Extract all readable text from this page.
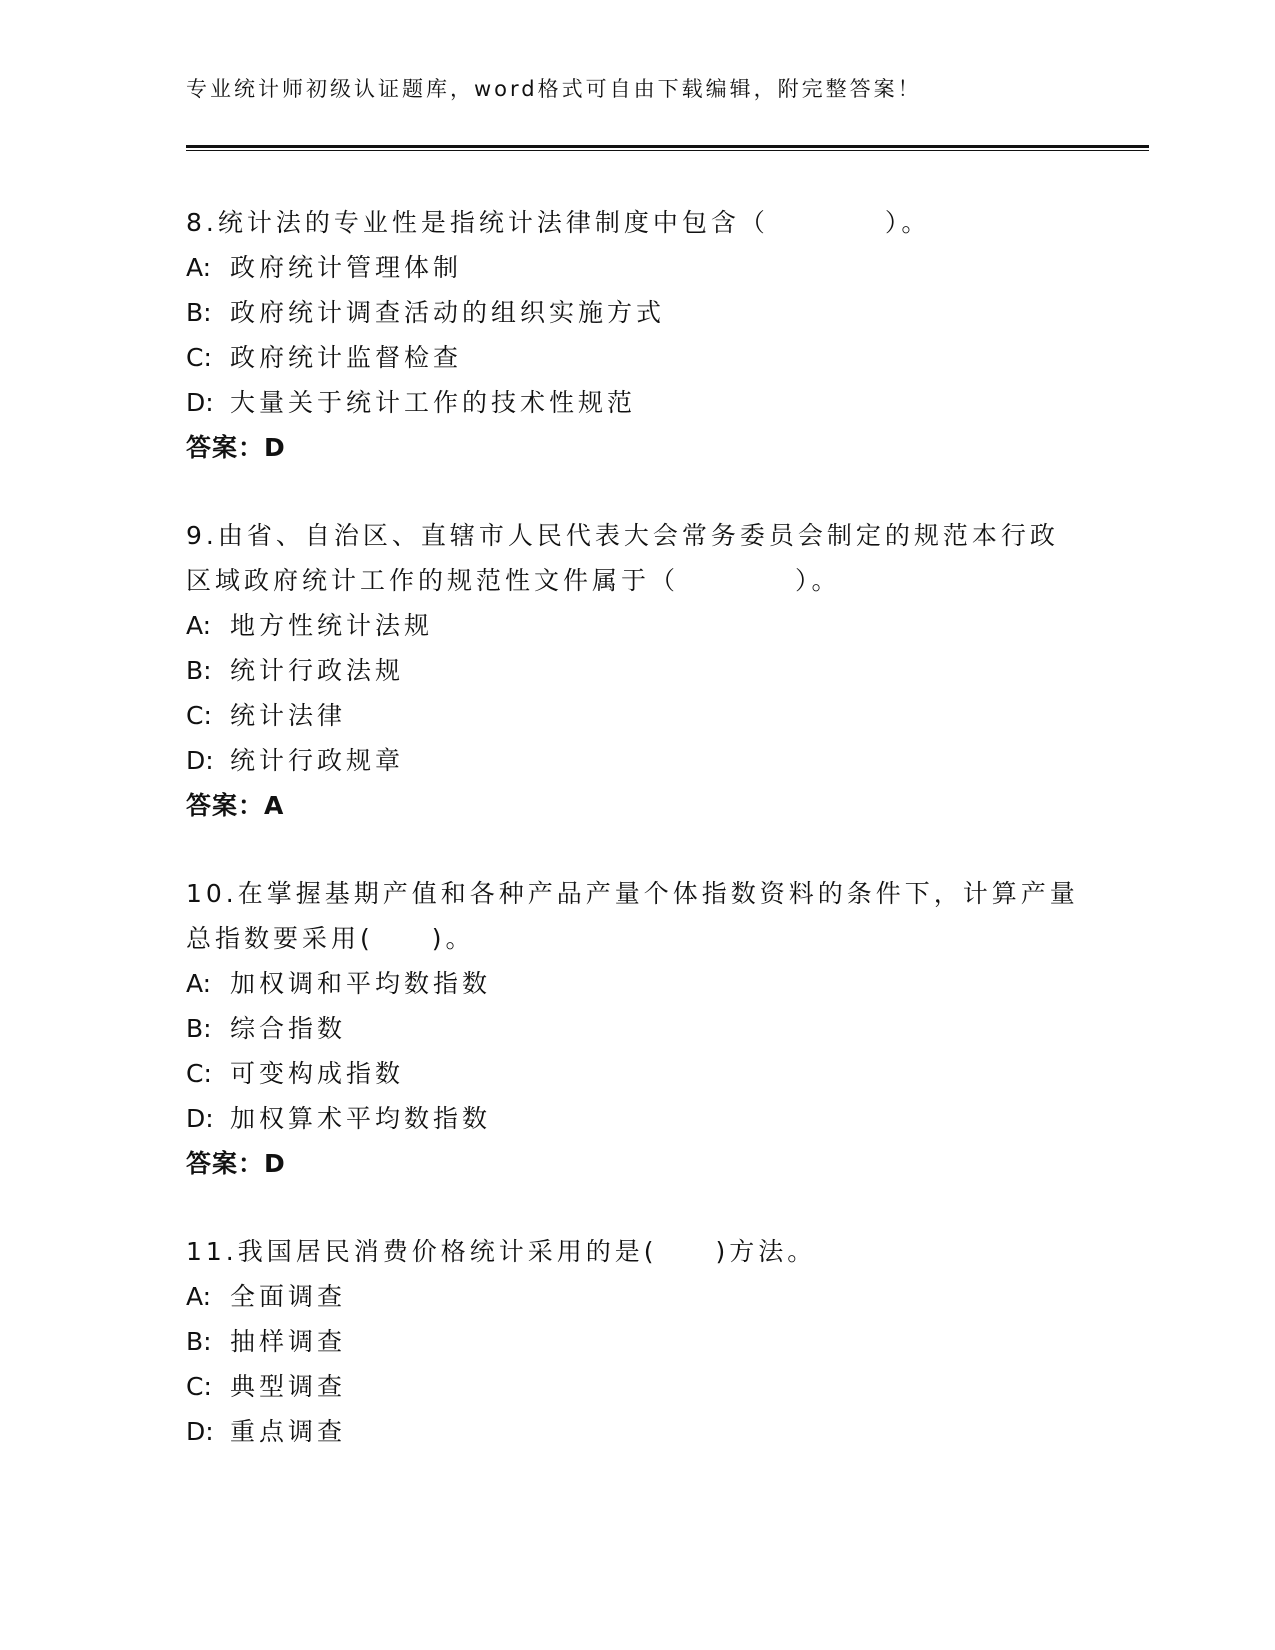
专业统计师初级认证题库，word格式可自由下载编辑，附完整答案！
8.统计法的专业性是指统计法律制度中包含（　　　　）。
A: 政府统计管理体制
B: 政府统计调查活动的组织实施方式
C: 政府统计监督检查
D: 大量关于统计工作的技术性规范
答案：D
9.由省、自治区、直辖市人民代表大会常务委员会制定的规范本行政区域政府统计工作的规范性文件属于（　　　　）。
A: 地方性统计法规
B: 统计行政法规
C: 统计法律
D: 统计行政规章
答案：A
10.在掌握基期产值和各种产品产量个体指数资料的条件下，计算产量总指数要采用(　　)。
A: 加权调和平均数指数
B: 综合指数
C: 可变构成指数
D: 加权算术平均数指数
答案：D
11.我国居民消费价格统计采用的是(　　)方法。
A: 全面调查
B: 抽样调查
C: 典型调查
D: 重点调查
